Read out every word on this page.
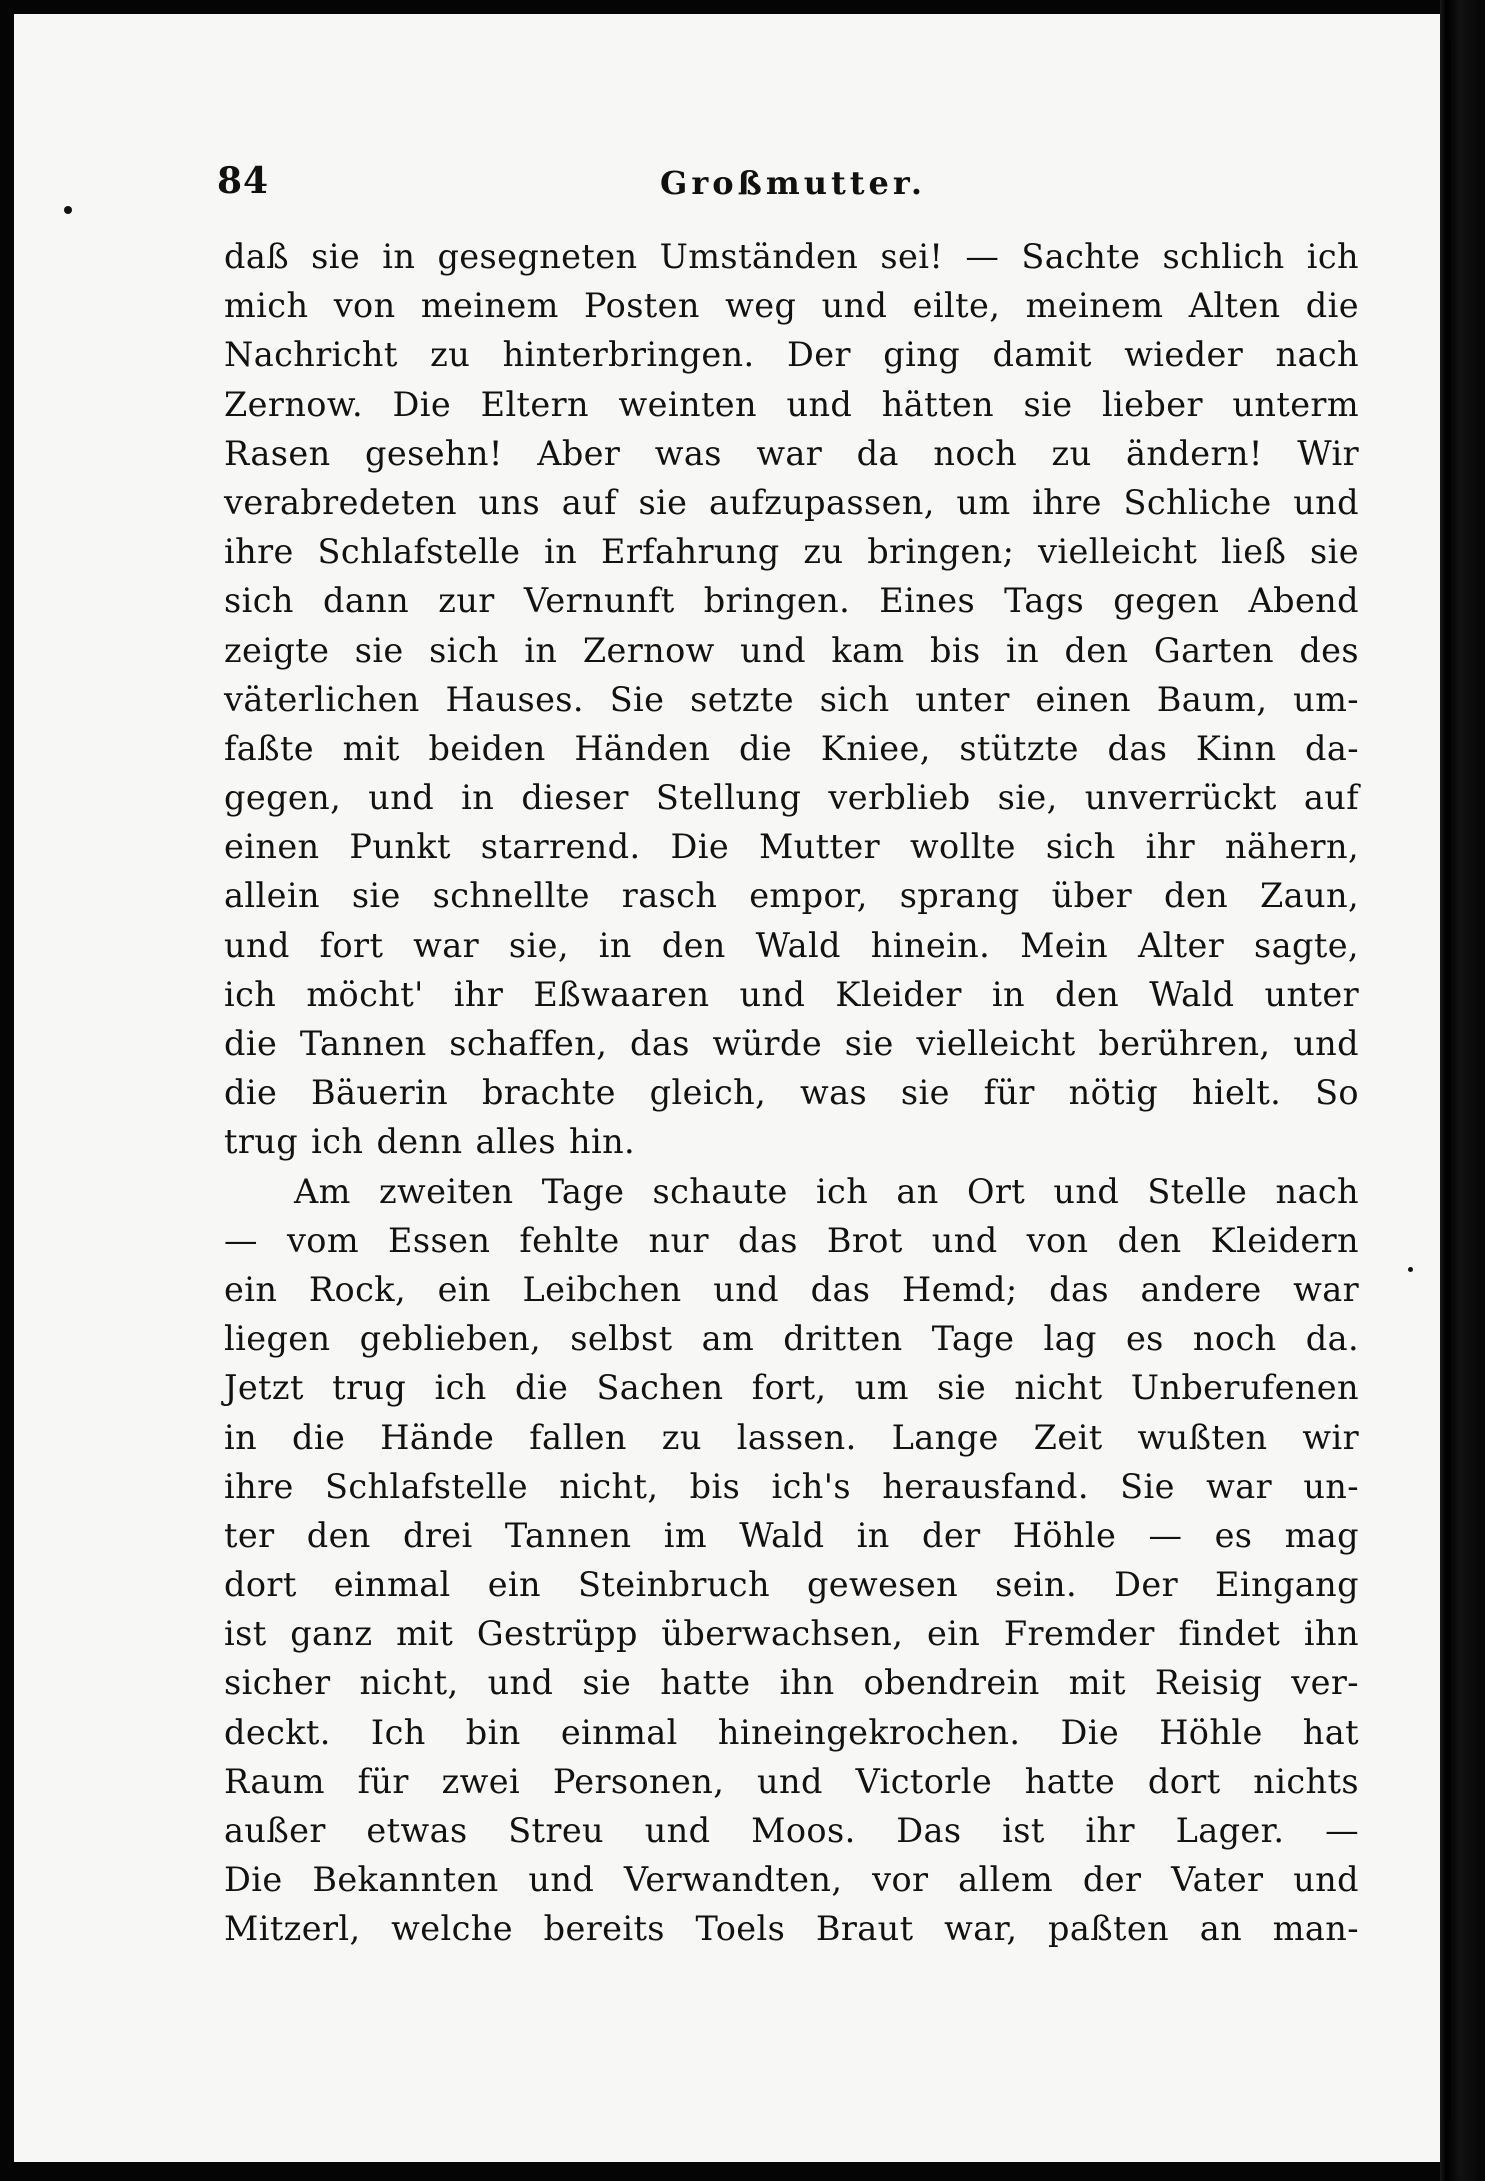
84	Großmutter.
daß sie in gesegneten Umständen sei! — Sachte schlich ich
mich von meinem Posten weg und eilte, meinem Alten die
Nachricht zu hinterbringen. Der ging damit wieder nach
Zernow. Die Eltern weinten und hätten sie lieber unterm
Rasen gesehn! Aber was war da noch zu ändern! Wir
verabredeten uns auf sie aufzupassen, um ihre Schliche und
ihre Schlafstelle in Erfahrung zu bringen; vielleicht ließ sie
sich dann zur Vernunft bringen. Eines Tags gegen Abend
zeigte sie sich in Zernow und kam bis in den Garten des
väterlichen Hauses. Sie setzte sich unter einen Baum, um-
faßte mit beiden Händen die Kniee, stützte das Kinn da-
gegen, und in dieser Stellung verblieb sie, unverrückt auf
einen Punkt starrend. Die Mutter wollte sich ihr nähern,
allein sie schnellte rasch empor, sprang über den Zaun,
und fort war sie, in den Wald hinein. Mein Alter sagte,
ich möcht' ihr Eßwaaren und Kleider in den Wald unter
die Tannen schaffen, das würde sie vielleicht berühren, und
die Bäuerin brachte gleich, was sie für nötig hielt. So
trug ich denn alles hin.
Am zweiten Tage schaute ich an Ort und Stelle nach
— vom Essen fehlte nur das Brot und von den Kleidern
ein Rock, ein Leibchen und das Hemd; das andere war
liegen geblieben, selbst am dritten Tage lag es noch da.
Jetzt trug ich die Sachen fort, um sie nicht Unberufenen
in die Hände fallen zu lassen. Lange Zeit wußten wir
ihre Schlafstelle nicht, bis ich's herausfand. Sie war un-
ter den drei Tannen im Wald in der Höhle — es mag
dort einmal ein Steinbruch gewesen sein. Der Eingang
ist ganz mit Gestrüpp überwachsen, ein Fremder findet ihn
sicher nicht, und sie hatte ihn obendrein mit Reisig ver-
deckt. Ich bin einmal hineingekrochen. Die Höhle hat
Raum für zwei Personen, und Victorle hatte dort nichts
außer etwas Streu und Moos. Das ist ihr Lager. —
Die Bekannten und Verwandten, vor allem der Vater und
Mitzerl, welche bereits Toels Braut war, paßten an man-
